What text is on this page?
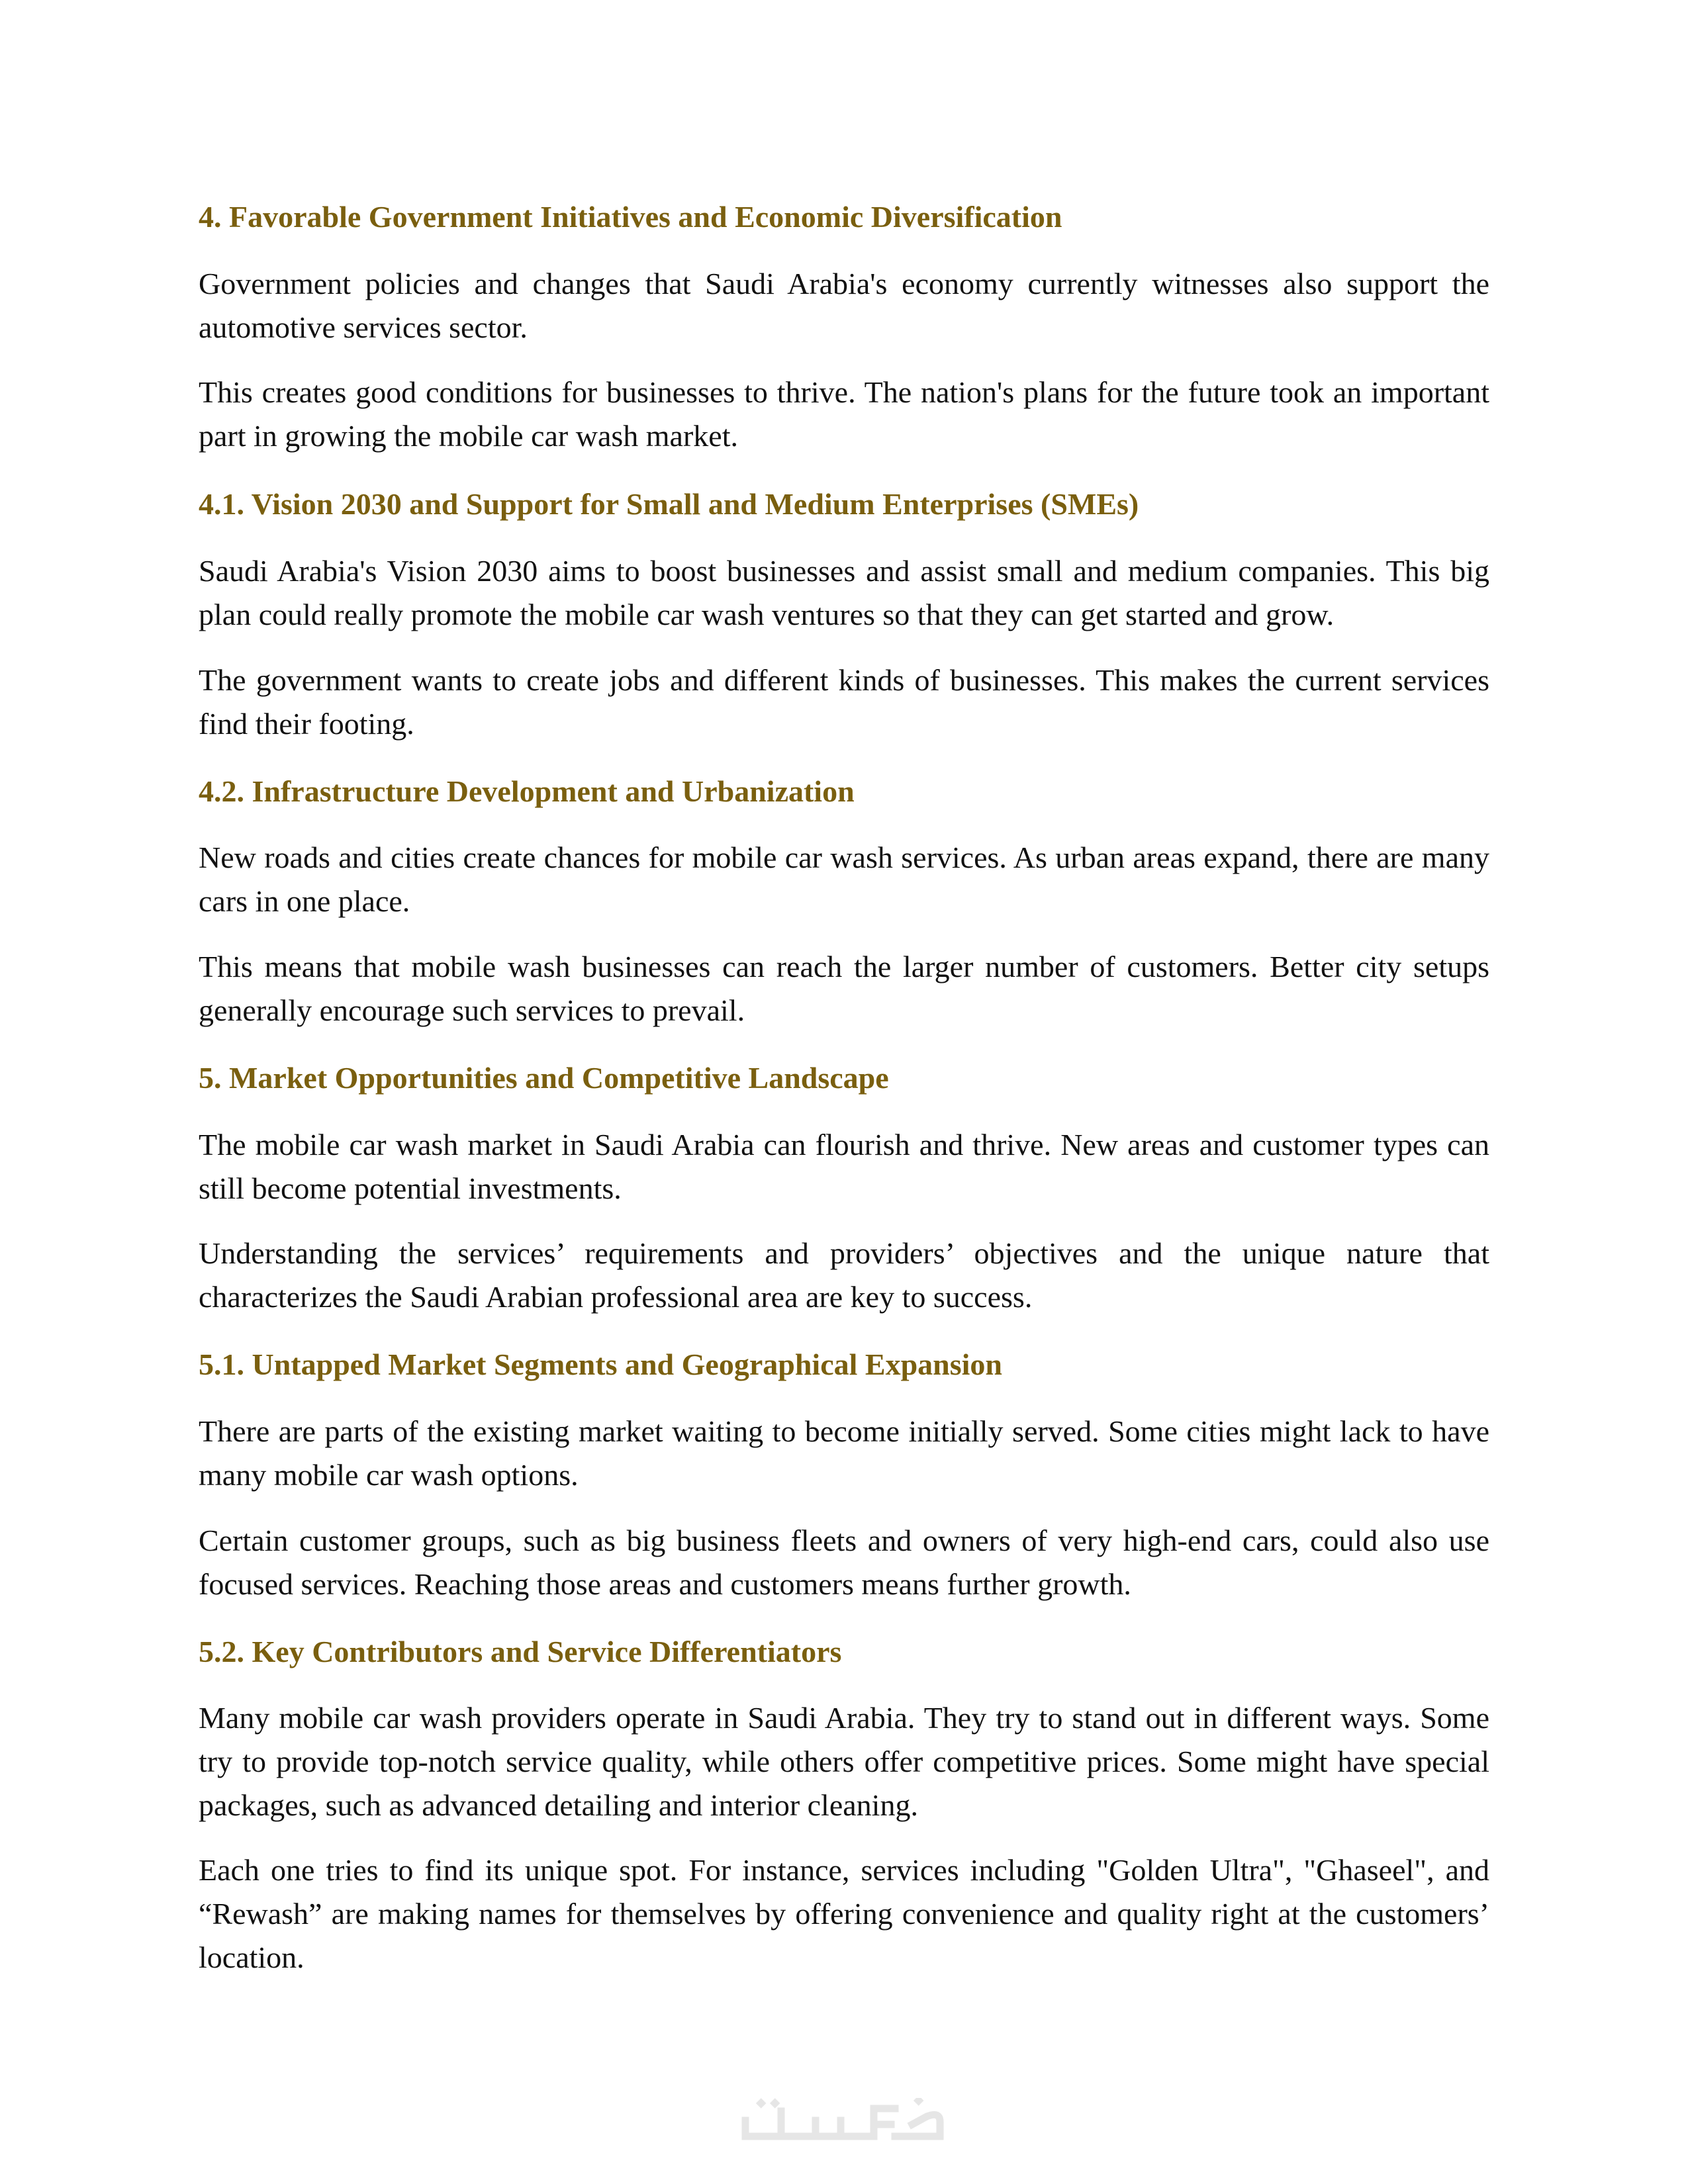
4. Favorable Government Initiatives and Economic Diversification

Government policies and changes that Saudi Arabia's economy currently witnesses also support the automotive services sector.

This creates good conditions for businesses to thrive. The nation's plans for the future took an important part in growing the mobile car wash market.

4.1. Vision 2030 and Support for Small and Medium Enterprises (SMEs)

Saudi Arabia's Vision 2030 aims to boost businesses and assist small and medium companies. This big plan could really promote the mobile car wash ventures so that they can get started and grow.

The government wants to create jobs and different kinds of businesses. This makes the current services find their footing.

4.2. Infrastructure Development and Urbanization

New roads and cities create chances for mobile car wash services. As urban areas expand, there are many cars in one place.

This means that mobile wash businesses can reach the larger number of customers. Better city setups generally encourage such services to prevail.

5. Market Opportunities and Competitive Landscape

The mobile car wash market in Saudi Arabia can flourish and thrive. New areas and customer types can still become potential investments.

Understanding the services’ requirements and providers’ objectives and the unique nature that characterizes the Saudi Arabian professional area are key to success.

5.1. Untapped Market Segments and Geographical Expansion

There are parts of the existing market waiting to become initially served. Some cities might lack to have many mobile car wash options.

Certain customer groups, such as big business fleets and owners of very high-end cars, could also use focused services. Reaching those areas and customers means further growth.

5.2. Key Contributors and Service Differentiators

Many mobile car wash providers operate in Saudi Arabia. They try to stand out in different ways. Some try to provide top-notch service quality, while others offer competitive prices. Some might have special packages, such as advanced detailing and interior cleaning.

Each one tries to find its unique spot. For instance, services including "Golden Ultra", "Ghaseel", and “Rewash” are making names for themselves by offering convenience and quality right at the customers’ location.
